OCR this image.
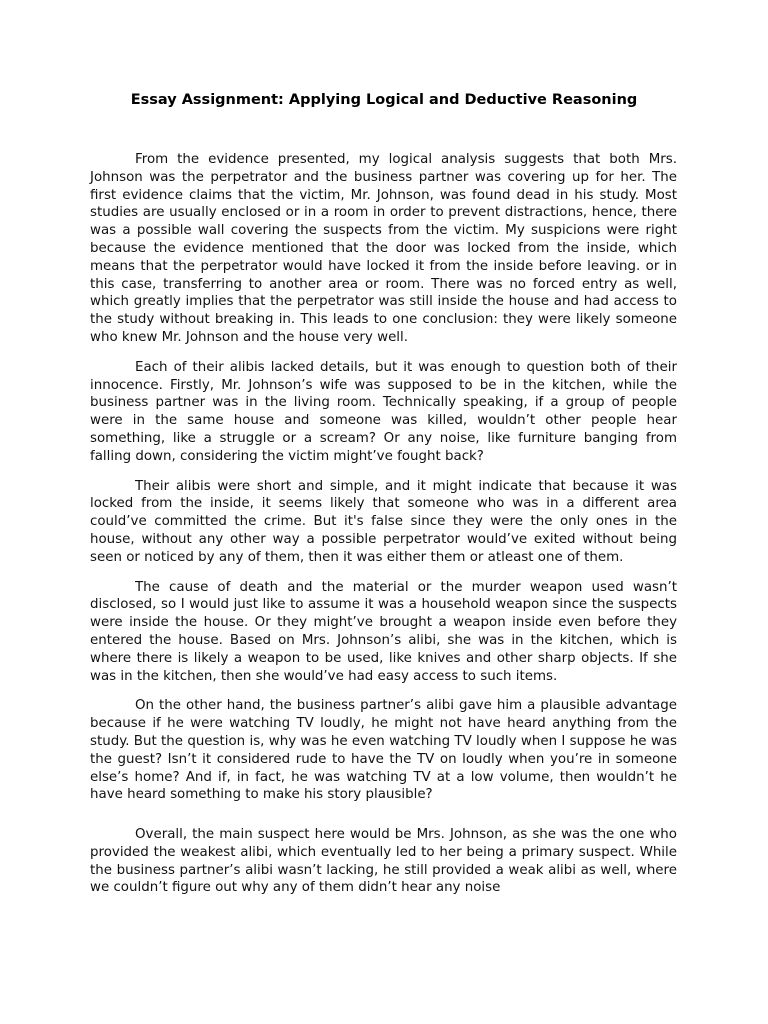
Essay Assignment: Applying Logical and Deductive Reasoning

From the evidence presented, my logical analysis suggests that both Mrs. Johnson was the perpetrator and the business partner was covering up for her. The first evidence claims that the victim, Mr. Johnson, was found dead in his study. Most studies are usually enclosed or in a room in order to prevent distractions, hence, there was a possible wall covering the suspects from the victim. My suspicions were right because the evidence mentioned that the door was locked from the inside, which means that the perpetrator would have locked it from the inside before leaving. or in this case, transferring to another area or room. There was no forced entry as well, which greatly implies that the perpetrator was still inside the house and had access to the study without breaking in. This leads to one conclusion: they were likely someone who knew Mr. Johnson and the house very well.

Each of their alibis lacked details, but it was enough to question both of their innocence. Firstly, Mr. Johnson’s wife was supposed to be in the kitchen, while the business partner was in the living room. Technically speaking, if a group of people were in the same house and someone was killed, wouldn’t other people hear something, like a struggle or a scream? Or any noise, like furniture banging from falling down, considering the victim might’ve fought back?

Their alibis were short and simple, and it might indicate that because it was locked from the inside, it seems likely that someone who was in a different area could’ve committed the crime. But it's false since they were the only ones in the house, without any other way a possible perpetrator would’ve exited without being seen or noticed by any of them, then it was either them or atleast one of them.

The cause of death and the material or the murder weapon used wasn’t disclosed, so I would just like to assume it was a household weapon since the suspects were inside the house. Or they might’ve brought a weapon inside even before they entered the house. Based on Mrs. Johnson’s alibi, she was in the kitchen, which is where there is likely a weapon to be used, like knives and other sharp objects. If she was in the kitchen, then she would’ve had easy access to such items.

On the other hand, the business partner’s alibi gave him a plausible advantage because if he were watching TV loudly, he might not have heard anything from the study. But the question is, why was he even watching TV loudly when I suppose he was the guest? Isn’t it considered rude to have the TV on loudly when you’re in someone else’s home? And if, in fact, he was watching TV at a low volume, then wouldn’t he have heard something to make his story plausible?

Overall, the main suspect here would be Mrs. Johnson, as she was the one who provided the weakest alibi, which eventually led to her being a primary suspect. While the business partner’s alibi wasn’t lacking, he still provided a weak alibi as well, where we couldn’t figure out why any of them didn’t hear any noise
